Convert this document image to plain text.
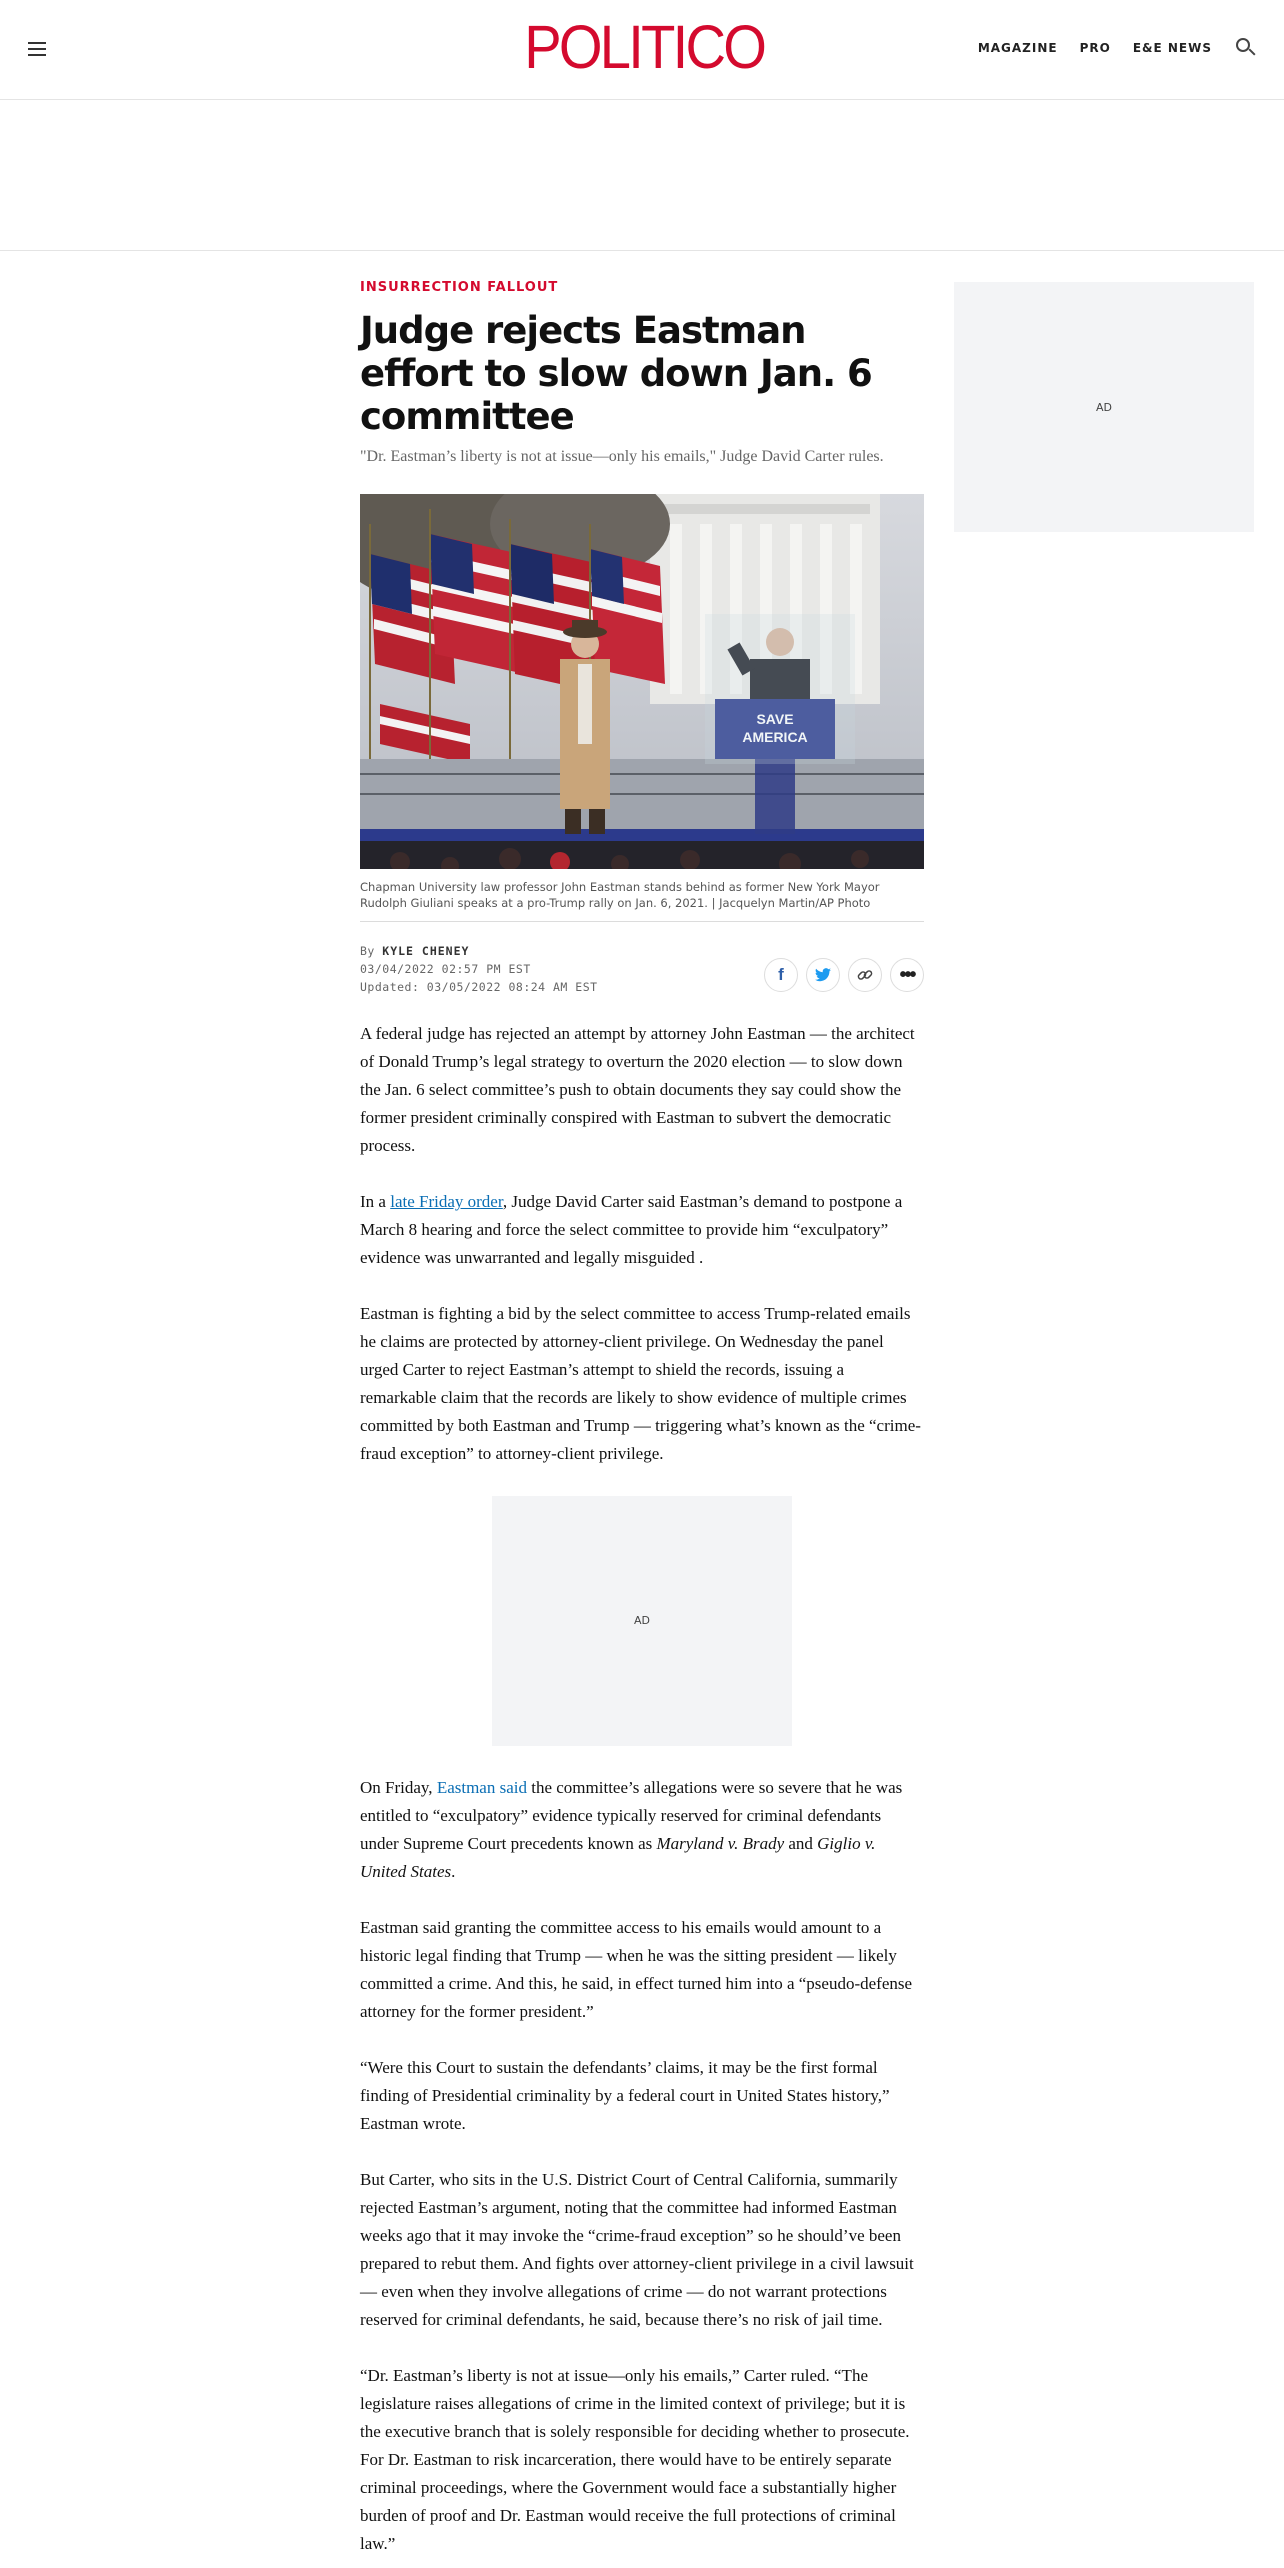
POLITICO	MAGAZINE PRO E&E NEWS
INSURRECTION FALLOUT
Judge rejects Eastman effort to slow down Jan. 6 committee
"Dr. Eastman’s liberty is not at issue—only his emails," Judge David Carter rules.
SAVE
AMERICA
Chapman University law professor John Eastman stands behind as former New York Mayor Rudolph Giuliani speaks at a pro-Trump rally on Jan. 6, 2021. | Jacquelyn Martin/AP Photo
By KYLE CHENEY
03/04/2022 02:57 PM EST
Updated: 03/05/2022 08:24 AM EST
f	•••

A federal judge has rejected an attempt by attorney John Eastman — the architect of Donald Trump’s legal strategy to overturn the 2020 election — to slow down the Jan. 6 select committee’s push to obtain documents they say could show the former president criminally conspired with Eastman to subvert the democratic process.

In a late Friday order, Judge David Carter said Eastman’s demand to postpone a March 8 hearing and force the select committee to provide him “exculpatory” evidence was unwarranted and legally misguided .

Eastman is fighting a bid by the select committee to access Trump-related emails he claims are protected by attorney-client privilege. On Wednesday the panel urged Carter to reject Eastman’s attempt to shield the records, issuing a remarkable claim that the records are likely to show evidence of multiple crimes committed by both Eastman and Trump — triggering what’s known as the “crime-fraud exception” to attorney-client privilege.

AD

On Friday, Eastman said the committee’s allegations were so severe that he was entitled to “exculpatory” evidence typically reserved for criminal defendants under Supreme Court precedents known as Maryland v. Brady and Giglio v. United States.

Eastman said granting the committee access to his emails would amount to a historic legal finding that Trump — when he was the sitting president — likely committed a crime. And this, he said, in effect turned him into a “pseudo-defense attorney for the former president.”

“Were this Court to sustain the defendants’ claims, it may be the first formal finding of Presidential criminality by a federal court in United States history,” Eastman wrote.

But Carter, who sits in the U.S. District Court of Central California, summarily rejected Eastman’s argument, noting that the committee had informed Eastman weeks ago that it may invoke the “crime-fraud exception” so he should’ve been prepared to rebut them. And fights over attorney-client privilege in a civil lawsuit — even when they involve allegations of crime — do not warrant protections reserved for criminal defendants, he said, because there’s no risk of jail time.

“Dr. Eastman’s liberty is not at issue—only his emails,” Carter ruled. “The legislature raises allegations of crime in the limited context of privilege; but it is the executive branch that is solely responsible for deciding whether to prosecute. For Dr. Eastman to risk incarceration, there would have to be entirely separate criminal proceedings, where the Government would face a substantially higher burden of proof and Dr. Eastman would receive the full protections of criminal law.”

AD
